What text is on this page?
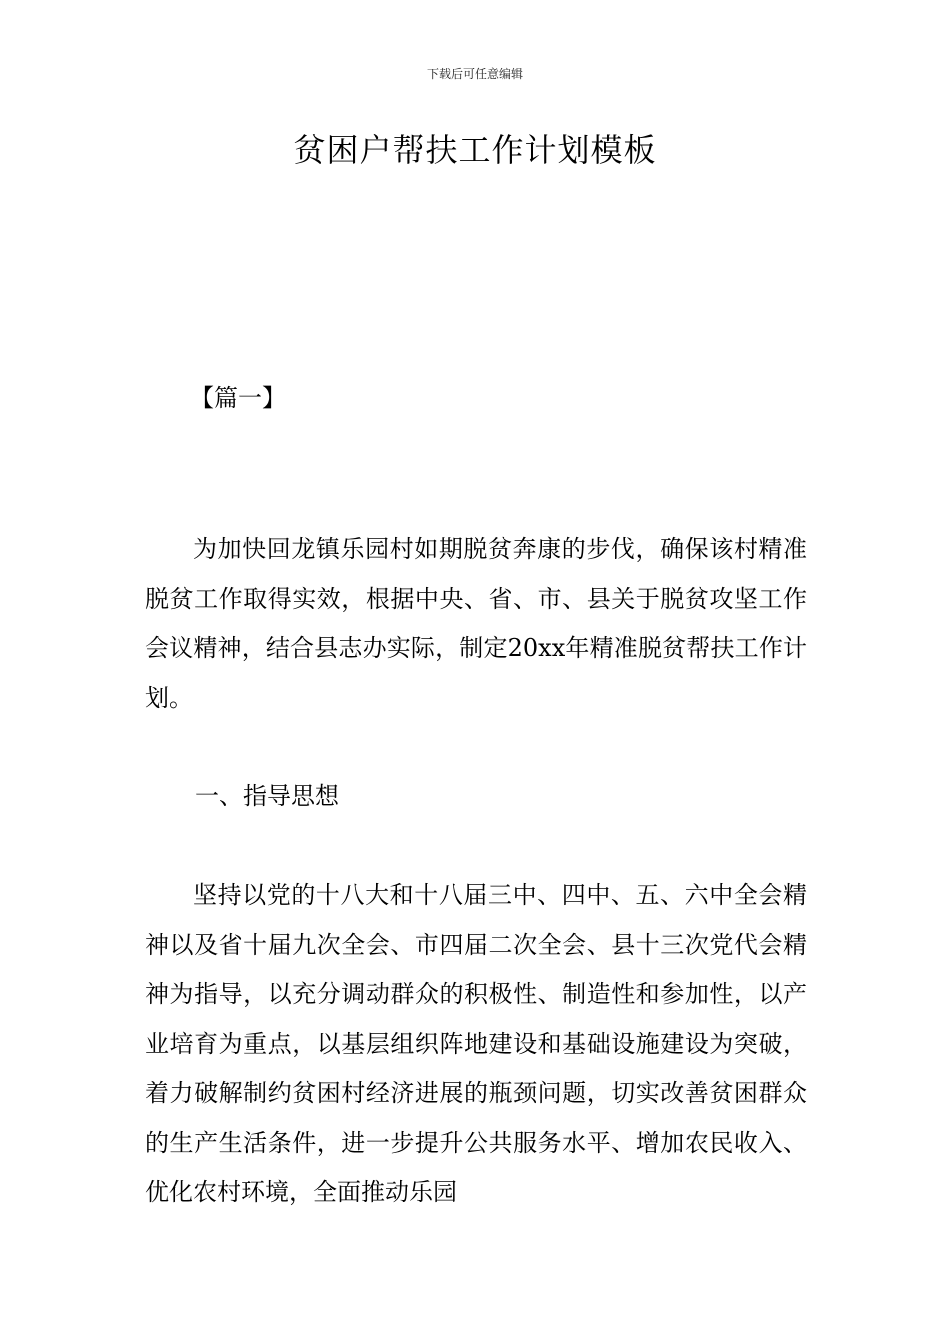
下载后可任意编辑
贫困户帮扶工作计划模板
【篇一】

为加快回龙镇乐园村如期脱贫奔康的步伐，确保该村精准脱贫工作取得实效，根据中央、省、市、县关于脱贫攻坚工作会议精神，结合县志办实际，制定20xx年精准脱贫帮扶工作计划。

一、指导思想

坚持以党的十八大和十八届三中、四中、五、六中全会精神以及省十届九次全会、市四届二次全会、县十三次党代会精神为指导，以充分调动群众的积极性、制造性和参加性，以产业培育为重点，以基层组织阵地建设和基础设施建设为突破，着力破解制约贫困村经济进展的瓶颈问题，切实改善贫困群众的生产生活条件，进一步提升公共服务水平、增加农民收入、优化农村环境，全面推动乐园
